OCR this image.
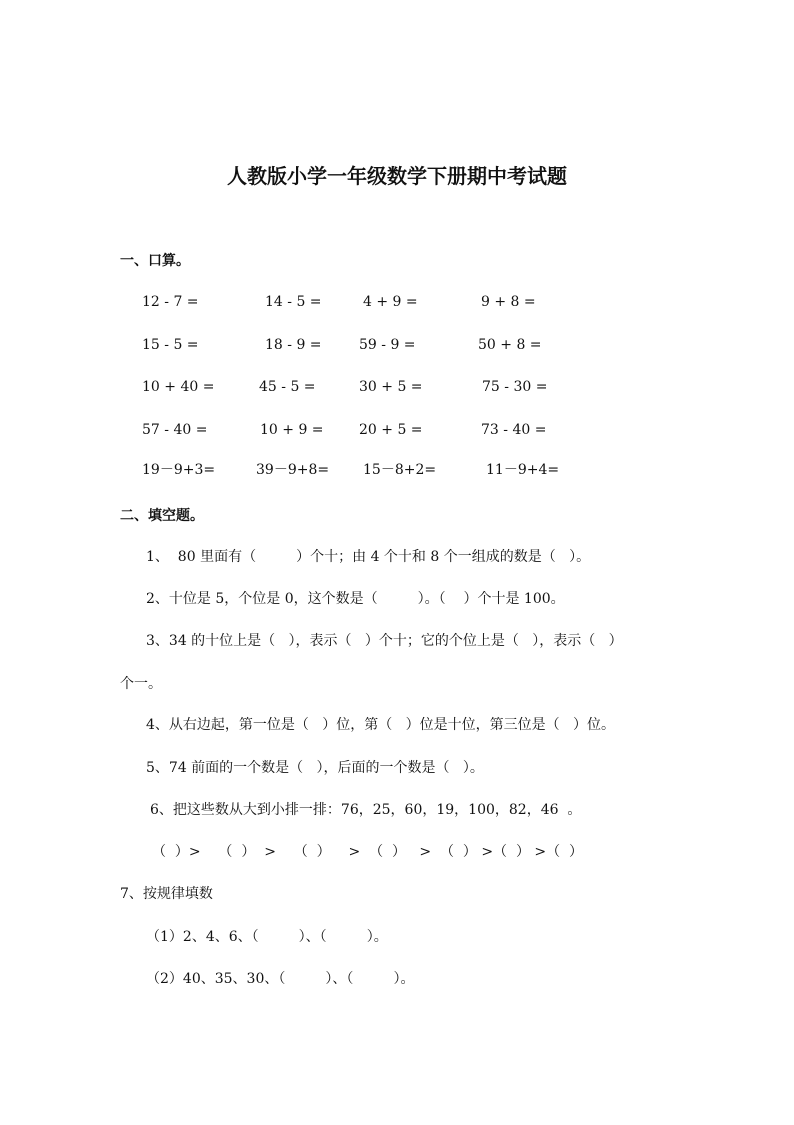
人教版小学一年级数学下册期中考试题
一、口算。
12 - 7 =	14 - 5 =	4 + 9 =	9 + 8 =
15 - 5 =	18 - 9 =	59 - 9 =	50 + 8 =
10 + 40 =	45 - 5 =	30 + 5 =	75 - 30 =
57 - 40 =	10 + 9 =	20 + 5 =	73 - 40 =
19－9+3=	39－9+8= 15－8+2=	11－9+4=
二、填空题。
1、  80 里面有（         ）个十；由 4 个十和 8 个一组成的数是（   ）。
2、十位是 5，个位是 0，这个数是（         ）。（    ）个十是 100。
3、34 的十位上是（   ），表示（   ）个十；它的个位上是（   ），表示（   ）
个一。
4、从右边起，第一位是（   ）位，第（   ）位是十位，第三位是（   ）位。
5、74 前面的一个数是（   ），后面的一个数是（   ）。
6、把这些数从大到小排一排：76，25，60，19，100，82，46  。
（  ）>    （  ）  >    （  ）    >  （  ）   >  （  ） >（  ） >（  ）
7、按规律填数
（1）2、4、6、（         ）、（         ）。
（2）40、35、30、（         ）、（         ）。
